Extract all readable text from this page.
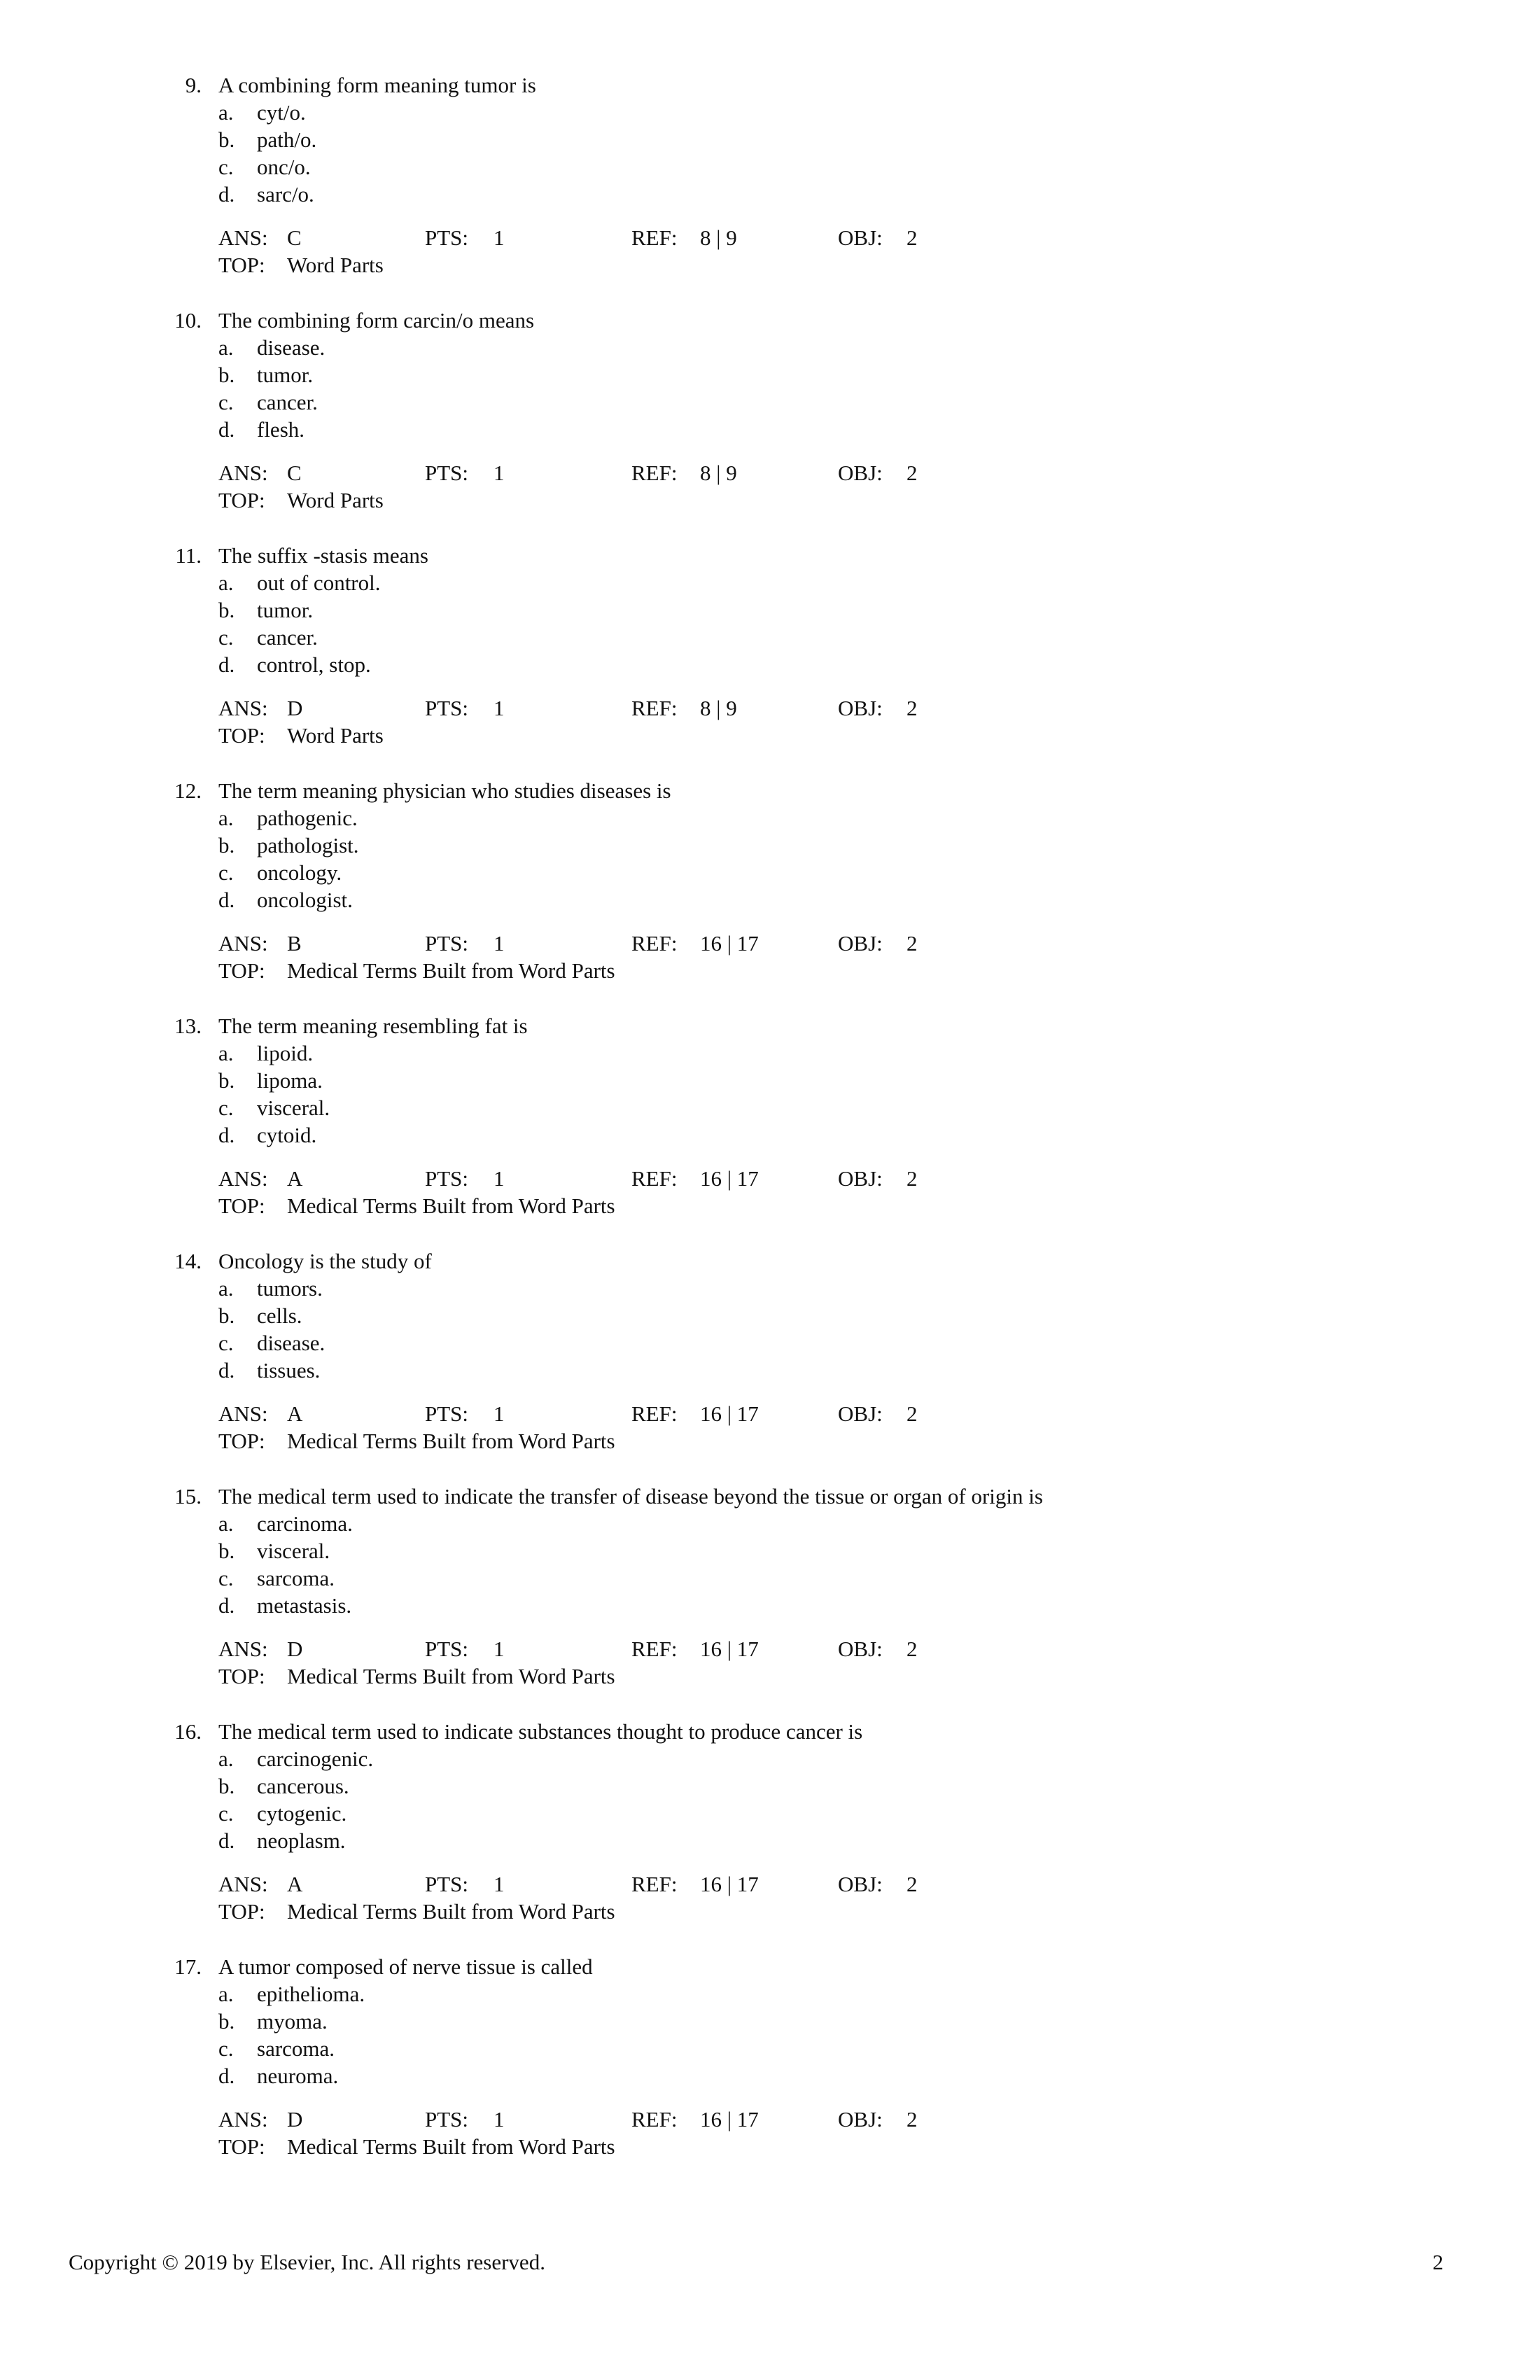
9. A combining form meaning tumor is
a. cyt/o.
b. path/o.
c. onc/o.
d. sarc/o.
ANS: C	PTS: 1	REF: 8 | 9	OBJ: 2
TOP: Word Parts
10. The combining form carcin/o means
a. disease.
b. tumor.
c. cancer.
d. flesh.
ANS: C	PTS: 1	REF: 8 | 9	OBJ: 2
TOP: Word Parts
11. The suffix -stasis means
a. out of control.
b. tumor.
c. cancer.
d. control, stop.
ANS: D	PTS: 1	REF: 8 | 9	OBJ: 2
TOP: Word Parts
12. The term meaning physician who studies diseases is
a. pathogenic.
b. pathologist.
c. oncology.
d. oncologist.
ANS: B	PTS: 1	REF: 16 | 17	OBJ: 2
TOP: Medical Terms Built from Word Parts
13. The term meaning resembling fat is
a. lipoid.
b. lipoma.
c. visceral.
d. cytoid.
ANS: A	PTS: 1	REF: 16 | 17	OBJ: 2
TOP: Medical Terms Built from Word Parts
14. Oncology is the study of
a. tumors.
b. cells.
c. disease.
d. tissues.
ANS: A	PTS: 1	REF: 16 | 17	OBJ: 2
TOP: Medical Terms Built from Word Parts
15. The medical term used to indicate the transfer of disease beyond the tissue or organ of origin is
a. carcinoma.
b. visceral.
c. sarcoma.
d. metastasis.
ANS: D	PTS: 1	REF: 16 | 17	OBJ: 2
TOP: Medical Terms Built from Word Parts
16. The medical term used to indicate substances thought to produce cancer is
a. carcinogenic.
b. cancerous.
c. cytogenic.
d. neoplasm.
ANS: A	PTS: 1	REF: 16 | 17	OBJ: 2
TOP: Medical Terms Built from Word Parts
17. A tumor composed of nerve tissue is called
a. epithelioma.
b. myoma.
c. sarcoma.
d. neuroma.
ANS: D	PTS: 1	REF: 16 | 17	OBJ: 2
TOP: Medical Terms Built from Word Parts
Copyright © 2019 by Elsevier, Inc. All rights reserved.	2
